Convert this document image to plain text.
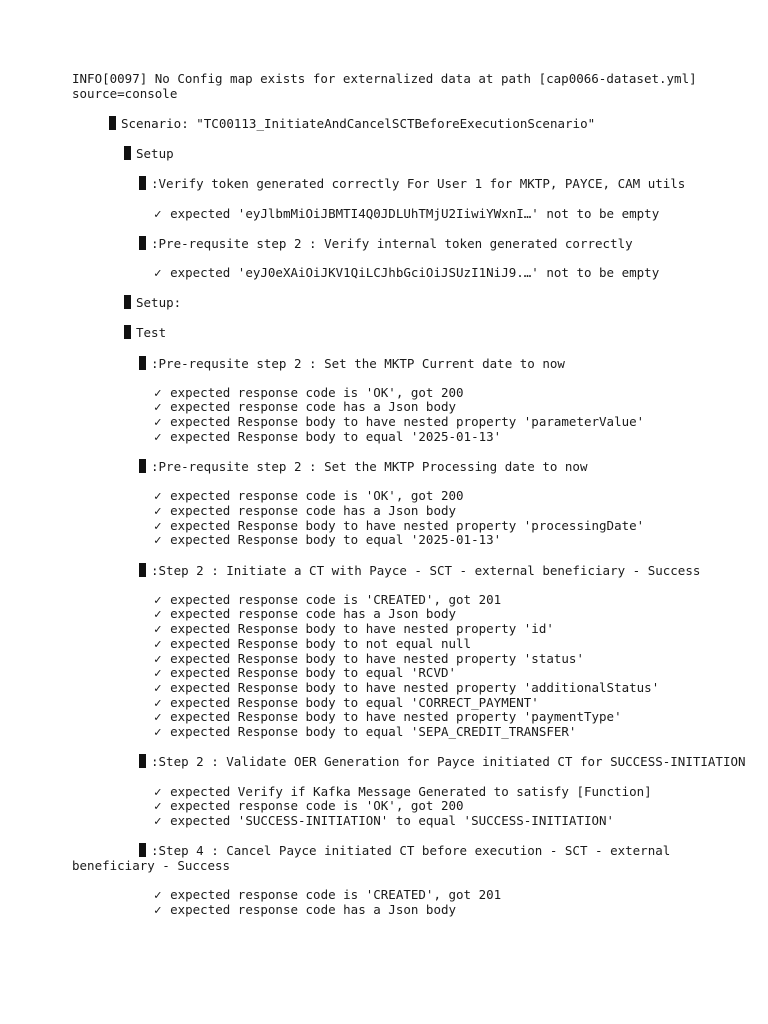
INFO[0097] No Config map exists for externalized data at path [cap0066-dataset.yml] source=console
Scenario: "TC00113_InitiateAndCancelSCTBeforeExecutionScenario"
Setup
:Verify token generated correctly For User 1 for MKTP, PAYCE, CAM utils
✓ expected 'eyJlbmMiOiJBMTI4Q0JDLUhTMjU2IiwiYWxnI…' not to be empty
:Pre-requsite step 2 : Verify internal token generated correctly
✓ expected 'eyJ0eXAiOiJKV1QiLCJhbGciOiJSUzI1NiJ9.…' not to be empty
Setup:
Test
:Pre-requsite step 2 : Set the MKTP Current date to now
✓ expected response code is 'OK', got 200
✓ expected response code has a Json body
✓ expected Response body to have nested property 'parameterValue'
✓ expected Response body to equal '2025-01-13'
:Pre-requsite step 2 : Set the MKTP Processing date to now
✓ expected response code is 'OK', got 200
✓ expected response code has a Json body
✓ expected Response body to have nested property 'processingDate'
✓ expected Response body to equal '2025-01-13'
:Step 2 : Initiate a CT with Payce - SCT - external beneficiary - Success
✓ expected response code is 'CREATED', got 201
✓ expected response code has a Json body
✓ expected Response body to have nested property 'id'
✓ expected Response body to not equal null
✓ expected Response body to have nested property 'status'
✓ expected Response body to equal 'RCVD'
✓ expected Response body to have nested property 'additionalStatus'
✓ expected Response body to equal 'CORRECT_PAYMENT'
✓ expected Response body to have nested property 'paymentType'
✓ expected Response body to equal 'SEPA_CREDIT_TRANSFER'
:Step 2 : Validate OER Generation for Payce initiated CT for SUCCESS-INITIATION
✓ expected Verify if Kafka Message Generated to satisfy [Function]
✓ expected response code is 'OK', got 200
✓ expected 'SUCCESS-INITIATION' to equal 'SUCCESS-INITIATION'
:Step 4 : Cancel Payce initiated CT before execution - SCT - external beneficiary - Success
✓ expected response code is 'CREATED', got 201
✓ expected response code has a Json body
